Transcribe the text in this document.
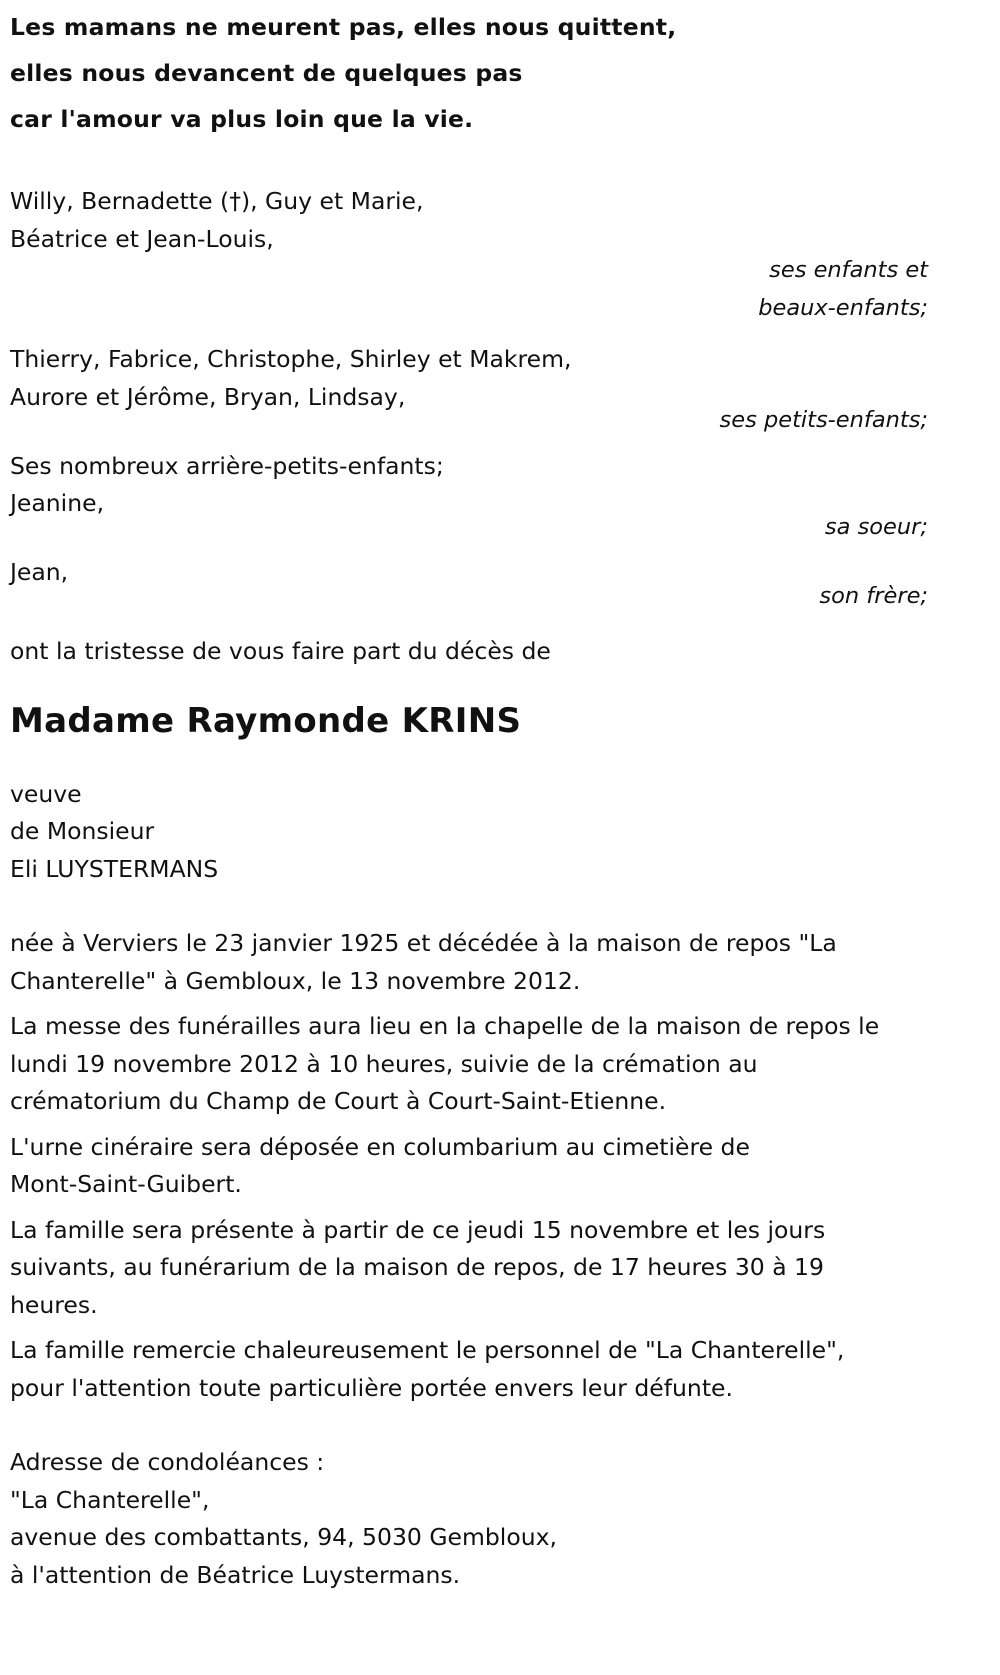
Les mamans ne meurent pas, elles nous quittent,
elles nous devancent de quelques pas
car l'amour va plus loin que la vie.
Willy, Bernadette (†), Guy et Marie,
Béatrice et Jean-Louis,
ses enfants et
beaux-enfants;
Thierry, Fabrice, Christophe, Shirley et Makrem,
Aurore et Jérôme, Bryan, Lindsay,
ses petits-enfants;
Ses nombreux arrière-petits-enfants;
Jeanine,
sa soeur;
Jean,
son frère;
ont la tristesse de vous faire part du décès de
Madame Raymonde KRINS
veuve
de Monsieur
Eli LUYSTERMANS
née à Verviers le 23 janvier 1925 et décédée à la maison de repos "La
Chanterelle" à Gembloux, le 13 novembre 2012.
La messe des funérailles aura lieu en la chapelle de la maison de repos le
lundi 19 novembre 2012 à 10 heures, suivie de la crémation au
crématorium du Champ de Court à Court-Saint-Etienne.
L'urne cinéraire sera déposée en columbarium au cimetière de
Mont-Saint-Guibert.
La famille sera présente à partir de ce jeudi 15 novembre et les jours
suivants, au funérarium de la maison de repos, de 17 heures 30 à 19
heures.
La famille remercie chaleureusement le personnel de "La Chanterelle",
pour l'attention toute particulière portée envers leur défunte.
Adresse de condoléances :
"La Chanterelle",
avenue des combattants, 94, 5030 Gembloux,
à l'attention de Béatrice Luystermans.
